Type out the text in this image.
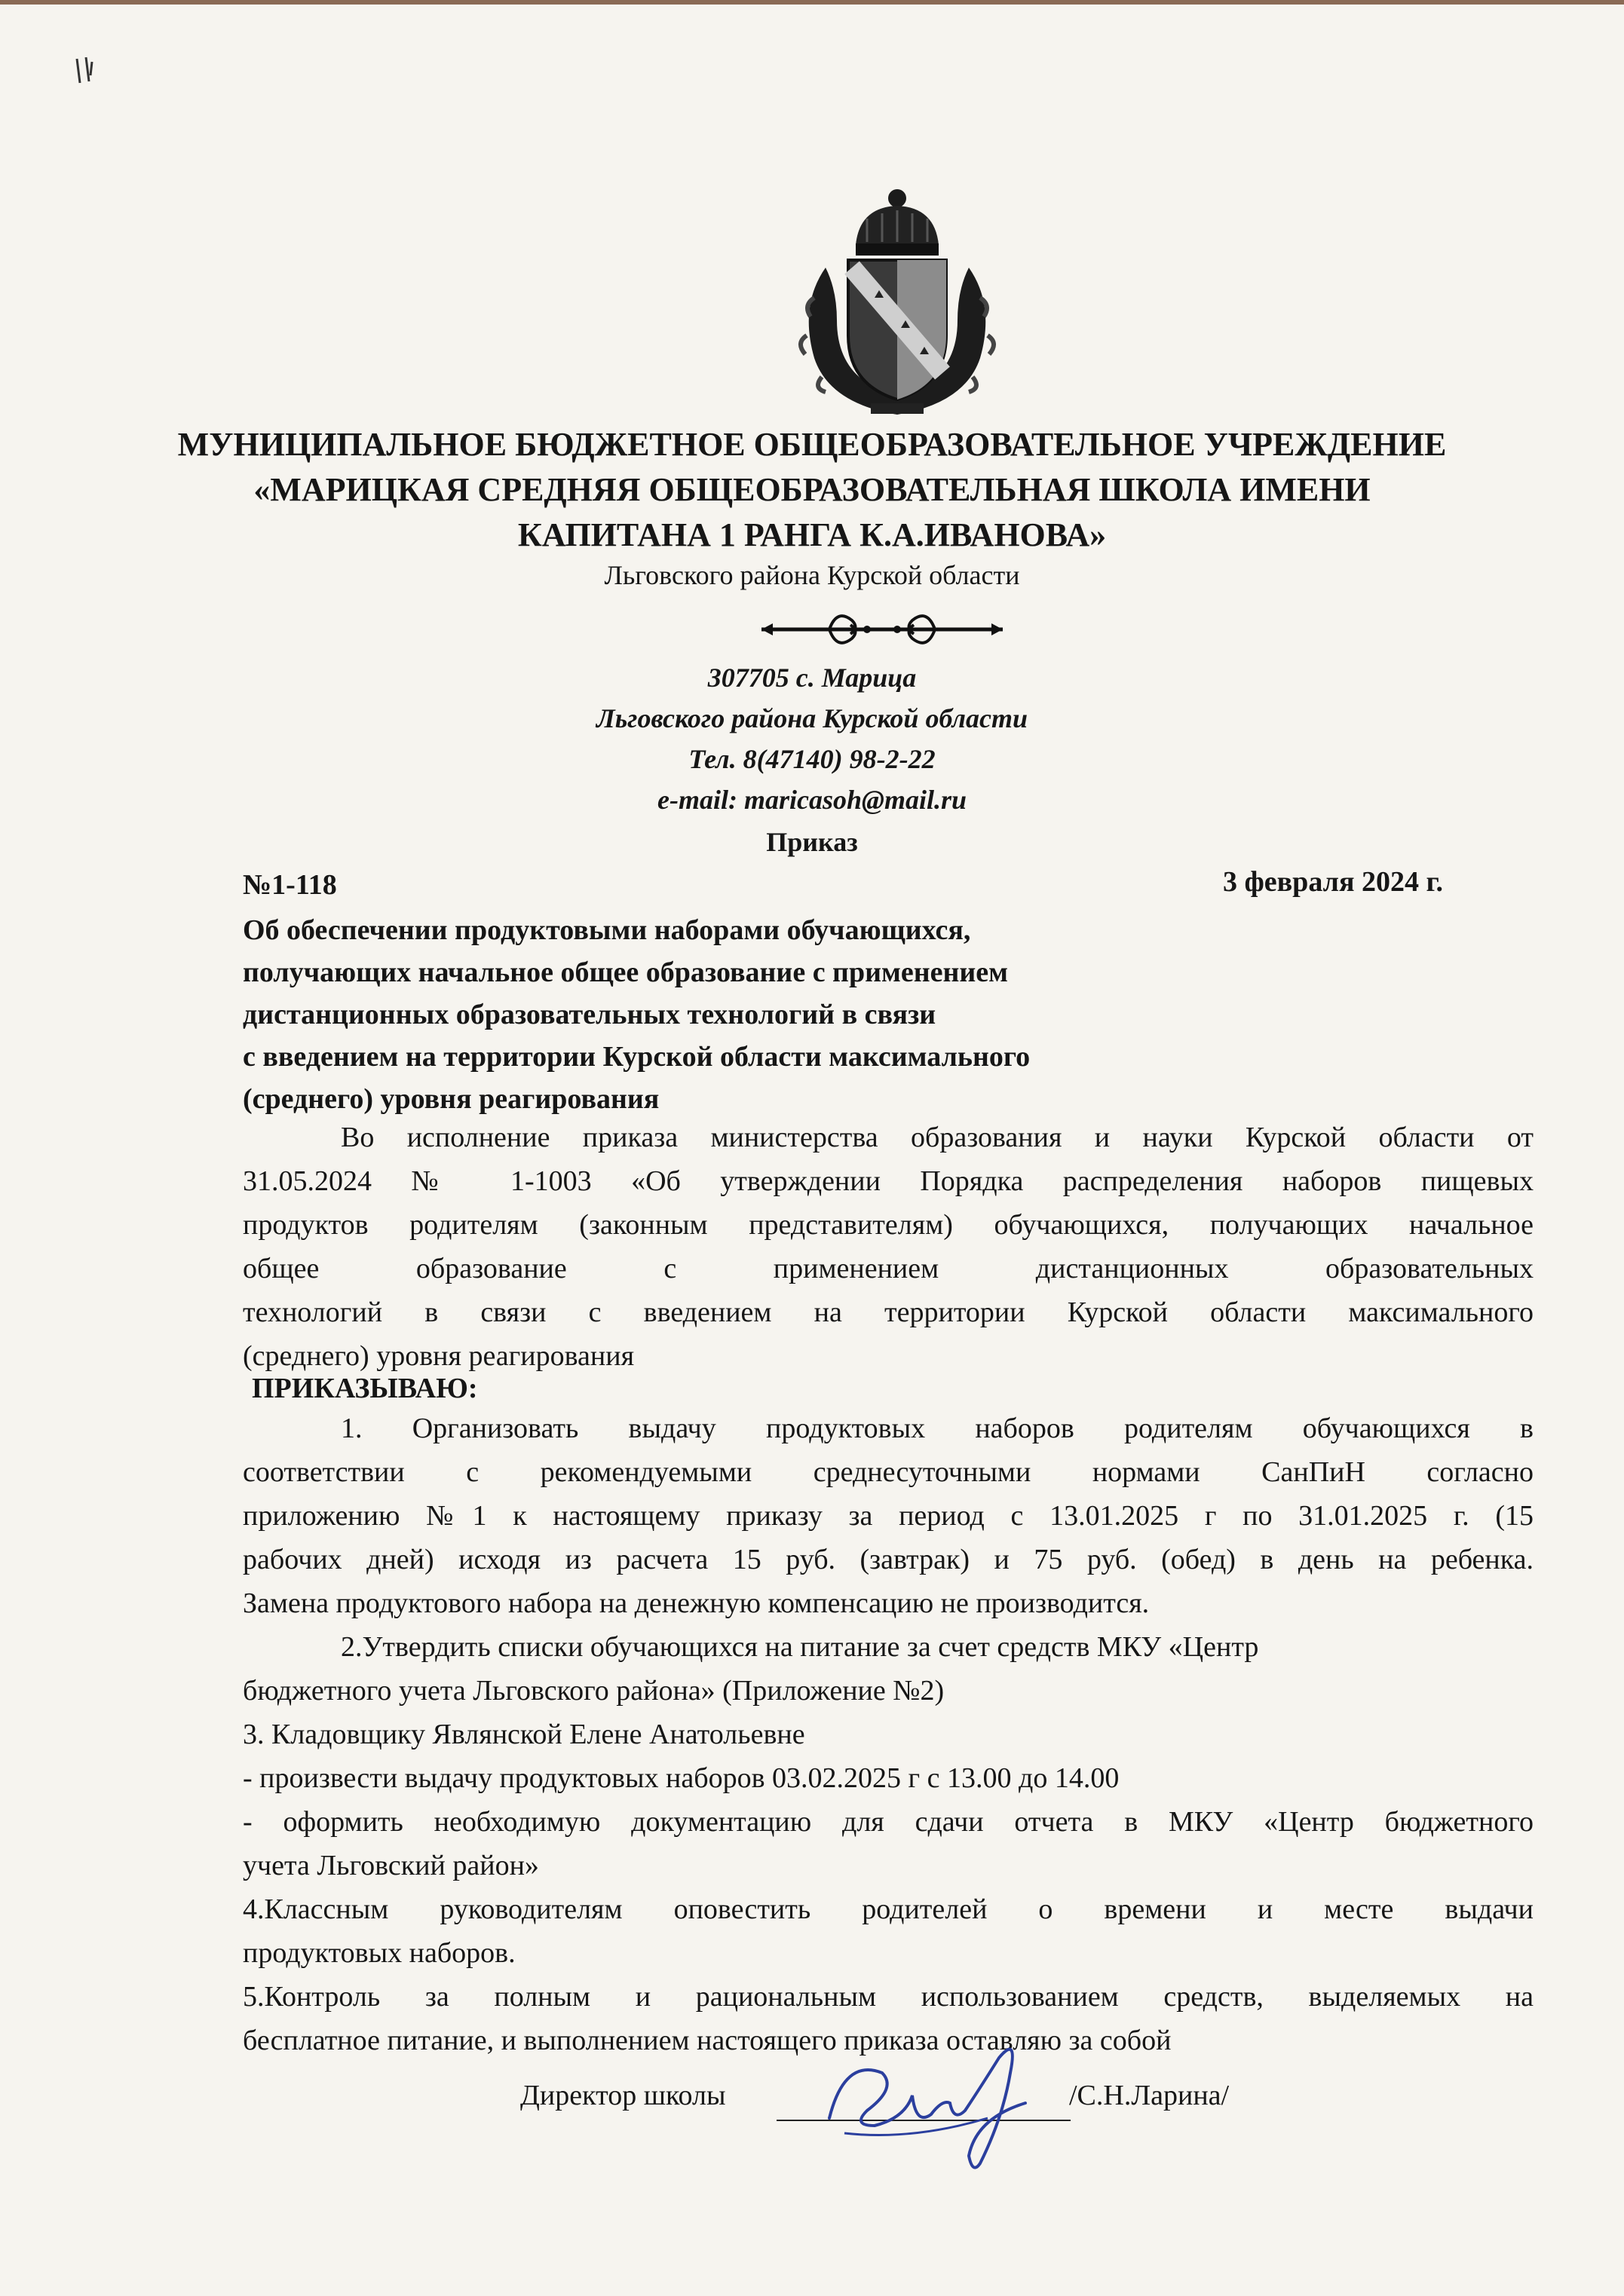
МУНИЦИПАЛЬНОЕ БЮДЖЕТНОЕ ОБЩЕОБРАЗОВАТЕЛЬНОЕ УЧРЕЖДЕНИЕ
«МАРИЦКАЯ СРЕДНЯЯ ОБЩЕОБРАЗОВАТЕЛЬНАЯ ШКОЛА ИМЕНИ
КАПИТАНА 1 РАНГА К.А.ИВАНОВА»
Льговского района Курской области
307705 с. Марица
Льговского района Курской области
Тел. 8(47140) 98-2-22
e-mail: maricasoh@mail.ru
Приказ
№1-118	3 февраля 2024 г.
Об обеспечении продуктовыми наборами обучающихся,
получающих начальное общее образование с применением
дистанционных образовательных технологий в связи
с введением на территории Курской области максимального
(среднего) уровня реагирования
Во исполнение приказа министерства образования и науки Курской области от
31.05.2024 № 1-1003 «Об утверждении Порядка распределения наборов пищевых
продуктов родителям (законным представителям) обучающихся, получающих начальное
общее образование с применением дистанционных образовательных
технологий в связи с введением на территории Курской области максимального
(среднего) уровня реагирования
ПРИКАЗЫВАЮ:
1. Организовать выдачу продуктовых наборов родителям обучающихся в
соответствии с рекомендуемыми среднесуточными нормами СанПиН согласно
приложению №1 к настоящему приказу за период с 13.01.2025 г по 31.01.2025 г. (15
рабочих дней) исходя из расчета 15 руб. (завтрак) и 75 руб. (обед) в день на ребенка.
Замена продуктового набора на денежную компенсацию не производится.
2.Утвердить списки обучающихся на питание за счет средств МКУ «Центр
бюджетного учета Льговского района» (Приложение №2)
3. Кладовщику Являнской Елене Анатольевне
- произвести выдачу продуктовых наборов 03.02.2025 г с 13.00 до 14.00
- оформить необходимую документацию для сдачи отчета в МКУ «Центр бюджетного
учета Льговский район»
4.Классным руководителям оповестить родителей о времени и месте выдачи
продуктовых наборов.
5.Контроль за полным и рациональным использованием средств, выделяемых на
бесплатное питание, и выполнением настоящего приказа оставляю за собой
Директор школы	/С.Н.Ларина/
